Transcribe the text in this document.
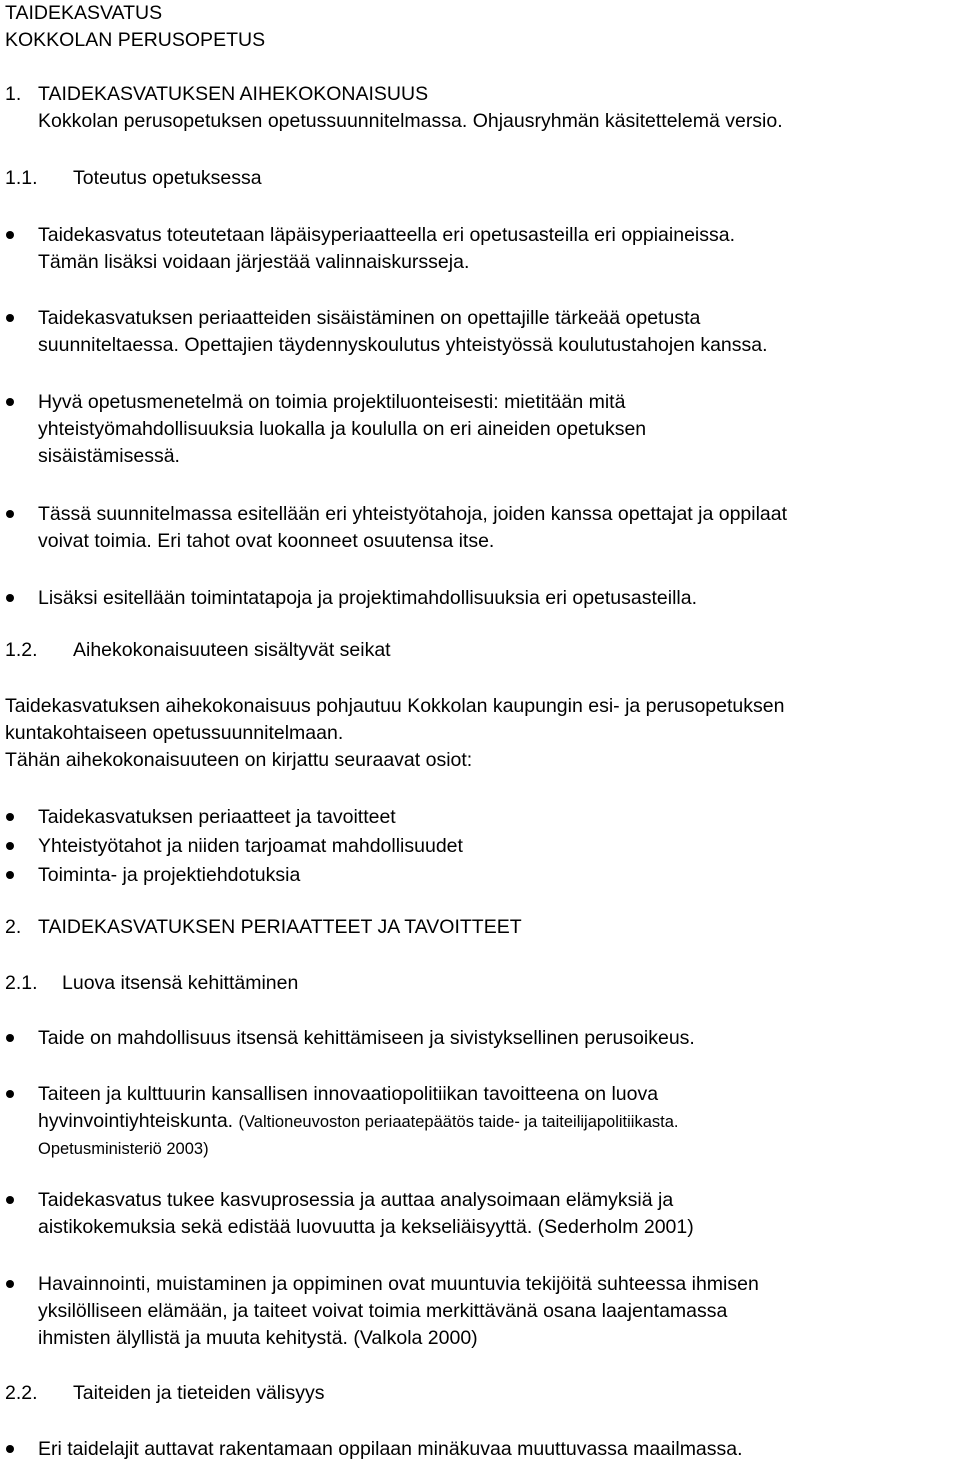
TAIDEKASVATUS
KOKKOLAN PERUSOPETUS
1. TAIDEKASVATUKSEN AIHEKOKONAISUUS
Kokkolan perusopetuksen opetussuunnitelmassa. Ohjausryhmän käsitettelemä versio.
1.1. Toteutus opetuksessa
Taidekasvatus toteutetaan läpäisyperiaatteella eri opetusasteilla eri oppiaineissa.
Tämän lisäksi voidaan järjestää valinnaiskursseja.
Taidekasvatuksen periaatteiden sisäistäminen on opettajille tärkeää opetusta
suunniteltaessa. Opettajien täydennyskoulutus yhteistyössä koulutustahojen kanssa.
Hyvä opetusmenetelmä on toimia projektiluonteisesti: mietitään mitä
yhteistyömahdollisuuksia luokalla ja koululla on eri aineiden opetuksen
sisäistämisessä.
Tässä suunnitelmassa esitellään eri yhteistyötahoja, joiden kanssa opettajat ja oppilaat
voivat toimia. Eri tahot ovat koonneet osuutensa itse.
Lisäksi esitellään toimintatapoja ja projektimahdollisuuksia eri opetusasteilla.
1.2. Aihekokonaisuuteen sisältyvät seikat
Taidekasvatuksen aihekokonaisuus pohjautuu Kokkolan kaupungin esi- ja perusopetuksen
kuntakohtaiseen opetussuunnitelmaan.
Tähän aihekokonaisuuteen on kirjattu seuraavat osiot:
Taidekasvatuksen periaatteet ja tavoitteet
Yhteistyötahot ja niiden tarjoamat mahdollisuudet
Toiminta- ja projektiehdotuksia
2. TAIDEKASVATUKSEN PERIAATTEET JA TAVOITTEET
2.1. Luova itsensä kehittäminen
Taide on mahdollisuus itsensä kehittämiseen ja sivistyksellinen perusoikeus.
Taiteen ja kulttuurin kansallisen innovaatiopolitiikan tavoitteena on luova
hyvinvointiyhteiskunta. (Valtioneuvoston periaatepäätös taide- ja taiteilijapolitiikasta.
Opetusministeriö 2003)
Taidekasvatus tukee kasvuprosessia ja auttaa analysoimaan elämyksiä ja
aistikokemuksia sekä edistää luovuutta ja kekseliäisyyttä. (Sederholm 2001)
Havainnointi, muistaminen ja oppiminen ovat muuntuvia tekijöitä suhteessa ihmisen
yksilölliseen elämään, ja taiteet voivat toimia merkittävänä osana laajentamassa
ihmisten älyllistä ja muuta kehitystä. (Valkola 2000)
2.2. Taiteiden ja tieteiden välisyys
Eri taidelajit auttavat rakentamaan oppilaan minäkuvaa muuttuvassa maailmassa.
